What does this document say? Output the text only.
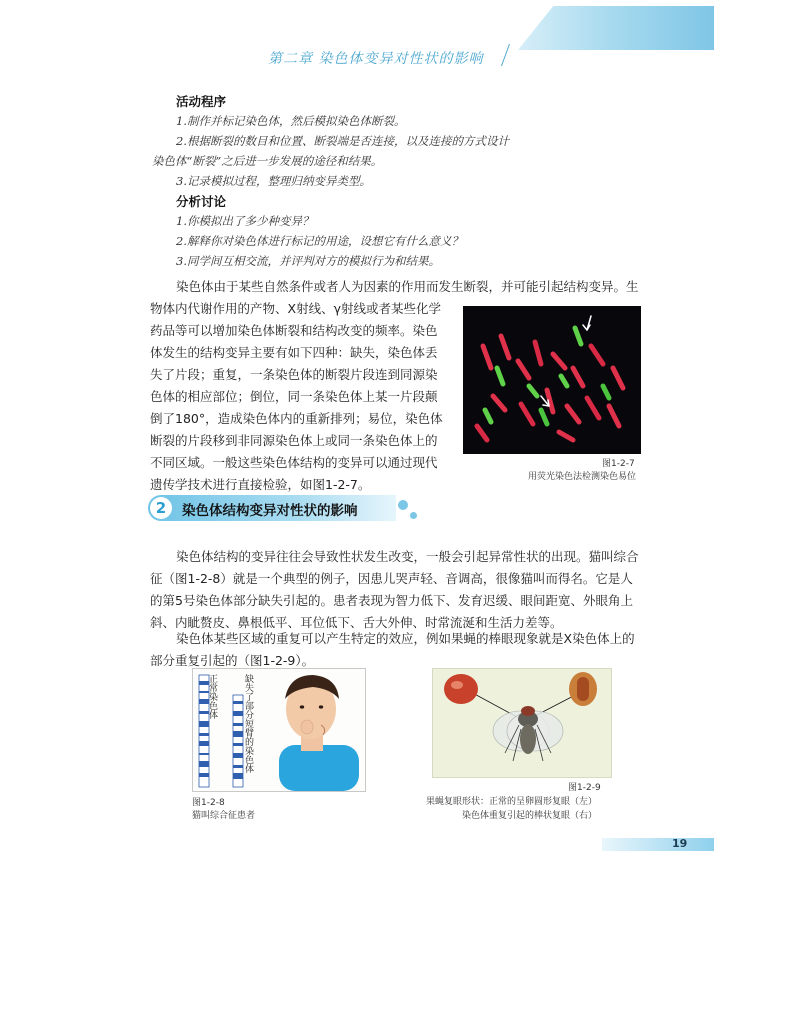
第二章 染色体变异对性状的影响
活动程序
1.制作并标记染色体，然后模拟染色体断裂。
2.根据断裂的数目和位置、断裂端是否连接，以及连接的方式设计
染色体“断裂”之后进一步发展的途径和结果。
3.记录模拟过程，整理归纳变异类型。
分析讨论
1.你模拟出了多少种变异？
2.解释你对染色体进行标记的用途，设想它有什么意义？
3.同学间互相交流，并评判对方的模拟行为和结果。
染色体由于某些自然条件或者人为因素的作用而发生断裂，并可能引起结构变异。生

物体内代谢作用的产物、X射线、γ射线或者某些化学

药品等可以增加染色体断裂和结构改变的频率。染色

体发生的结构变异主要有如下四种：缺失，染色体丢

失了片段；重复，一条染色体的断裂片段连到同源染

色体的相应部位；倒位，同一条染色体上某一片段颠

倒了180°，造成染色体内的重新排列；易位，染色体

断裂的片段移到非同源染色体上或同一条染色体上的

不同区域。一般这些染色体结构的变异可以通过现代

遗传学技术进行直接检验，如图1-2-7。

图1-2-7
用荧光染色法检测染色易位
2	染色体结构变异对性状的影响
染色体结构的变异往往会导致性状发生改变，一般会引起异常性状的出现。猫叫综合

征（图1-2-8）就是一个典型的例子，因患儿哭声轻、音调高，很像猫叫而得名。它是人

的第5号染色体部分缺失引起的。患者表现为智力低下、发育迟缓、眼间距宽、外眼角上

斜、内眦赘皮、鼻根低平、耳位低下、舌大外伸、时常流涎和生活力差等。

染色体某些区域的重复可以产生特定的效应，例如果蝇的棒眼现象就是X染色体上的
部分重复引起的（图1-2-9）。
正常染色体	缺失了部分短臂的染色体
图1-2-8
猫叫综合征患者
图1-2-9
果蝇复眼形状：正常的呈卵圆形复眼（左）
染色体重复引起的棒状复眼（右）
19
